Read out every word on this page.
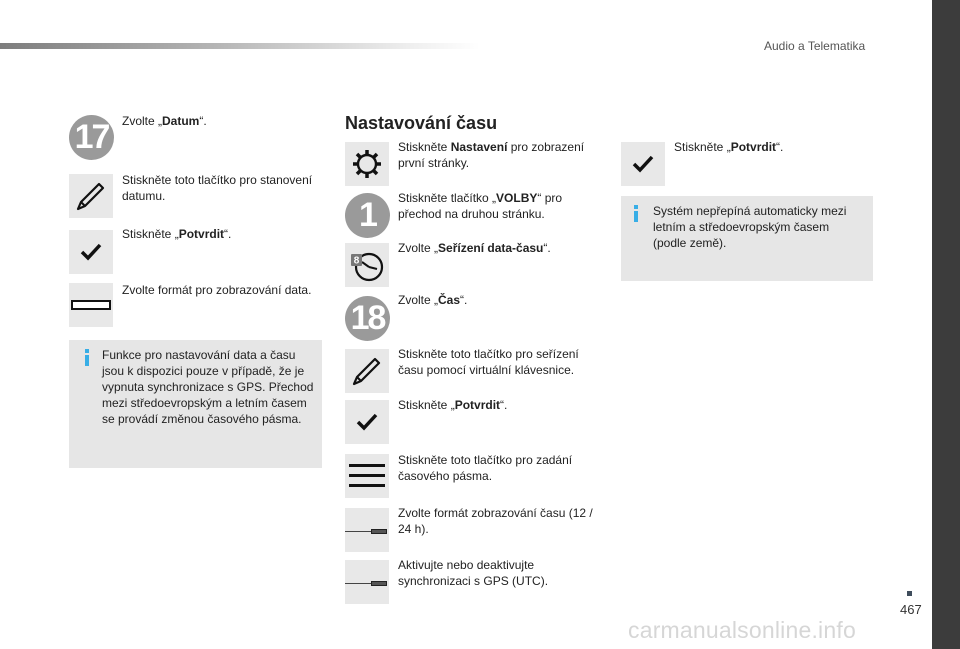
Audio a Telematika
17	Zvolte „Datum“.
Stiskněte toto tlačítko pro stanovení datumu.
Stiskněte „Potvrdit“.
Zvolte formát pro zobrazování data.
Funkce pro nastavování data a času jsou k dispozici pouze v případě, že je vypnuta synchronizace s GPS. Přechod mezi středoevropským a letním časem se provádí změnou časového pásma.
Nastavování času
Stiskněte Nastavení pro zobrazení první stránky.
1	Stiskněte tlačítko „VOLBY“ pro přechod na druhou stránku.
8
Zvolte „Seřízení data-času“.
18	Zvolte „Čas“.
Stiskněte toto tlačítko pro seřízení času pomocí virtuální klávesnice.
Stiskněte „Potvrdit“.
Stiskněte toto tlačítko pro zadání časového pásma.
Zvolte formát zobrazování času (12 / 24 h).
Aktivujte nebo deaktivujte synchronizaci s GPS (UTC).
Stiskněte „Potvrdit“.
Systém nepřepíná automaticky mezi letním a středoevropským časem (podle země).
467
carmanualsonline.info
